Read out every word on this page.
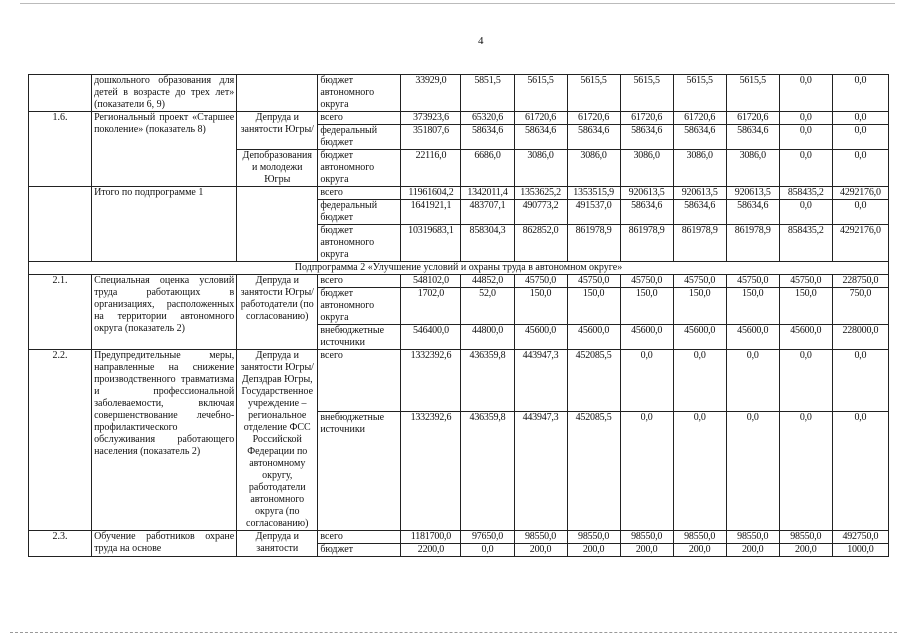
4
	дошкольного образования для детей в возрасте до трех лет» (показатели 6, 9)		бюджет автономного округа	33929,0	5851,5	5615,5	5615,5	5615,5	5615,5	5615,5	0,0	0,0
1.6.	Региональный проект «Старшее поколение» (показатель 8)	Депруда и занятости Югры/	всего	373923,6	65320,6	61720,6	61720,6	61720,6	61720,6	61720,6	0,0	0,0
			федеральный бюджет	351807,6	58634,6	58634,6	58634,6	58634,6	58634,6	58634,6	0,0	0,0
		Депобразования и молодежи Югры	бюджет автономного округа	22116,0	6686,0	3086,0	3086,0	3086,0	3086,0	3086,0	0,0	0,0
	Итого по подпрограмме 1		всего	11961604,2	1342011,4	1353625,2	1353515,9	920613,5	920613,5	920613,5	858435,2	4292176,0
			федеральный бюджет	1641921,1	483707,1	490773,2	491537,0	58634,6	58634,6	58634,6	0,0	0,0
			бюджет автономного округа	10319683,1	858304,3	862852,0	861978,9	861978,9	861978,9	861978,9	858435,2	4292176,0
Подпрограмма 2 «Улучшение условий и охраны труда в автономном округе»												
2.1.	Специальная оценка условий труда работающих в организациях, расположенных на территории автономного округа (показатель 2)	Депруда и занятости Югры/ работодатели (по согласованию)	всего	548102,0	44852,0	45750,0	45750,0	45750,0	45750,0	45750,0	45750,0	228750,0
			бюджет автономного округа	1702,0	52,0	150,0	150,0	150,0	150,0	150,0	150,0	750,0
			внебюджетные источники	546400,0	44800,0	45600,0	45600,0	45600,0	45600,0	45600,0	45600,0	228000,0
2.2.	Предупредительные меры, направленные на снижение производственного травматизма и профессиональной заболеваемости, включая совершенствование лечебно-профилактического обслуживания работающего населения (показатель 2)	Депруда и занятости Югры/ Депздрав Югры, Государственное учреждение – региональное отделение ФСС Российской Федерации по автономному округу, работодатели автономного округа (по согласованию)	всего	1332392,6	436359,8	443947,3	452085,5	0,0	0,0	0,0	0,0	0,0
			внебюджетные источники	1332392,6	436359,8	443947,3	452085,5	0,0	0,0	0,0	0,0	0,0
2.3.	Обучение работников охране труда на основе	Депруда и занятости	всего	1181700,0	97650,0	98550,0	98550,0	98550,0	98550,0	98550,0	98550,0	492750,0
			бюджет	2200,0	0,0	200,0	200,0	200,0	200,0	200,0	200,0	1000,0
